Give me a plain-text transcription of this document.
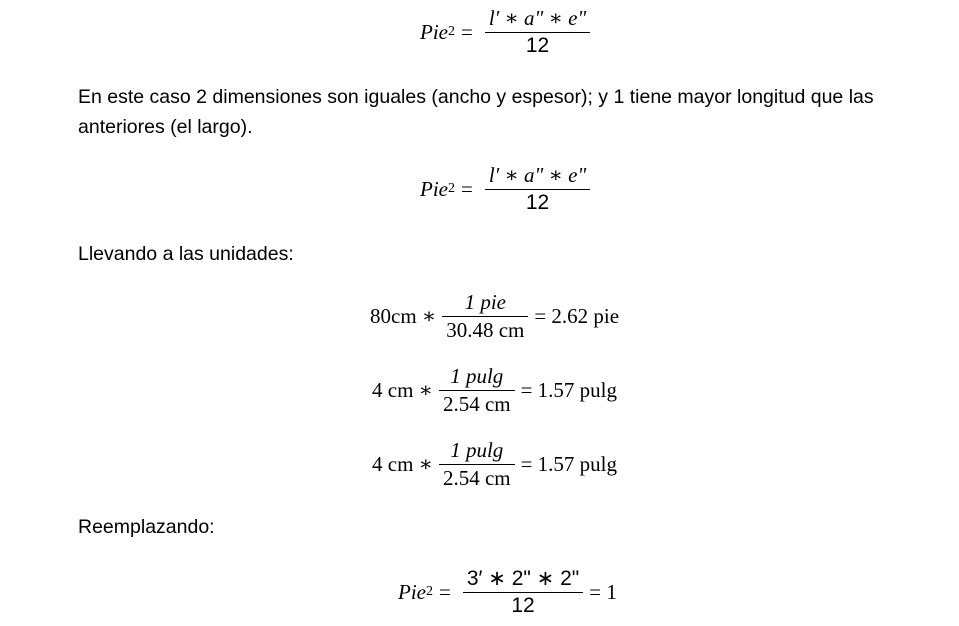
Pie $2 = \frac{l' ∗ a" ∗ e"}{12}$
En este caso 2 dimensiones son iguales (ancho y espesor); y 1 tiene mayor longitud que las anteriores (el largo).
Pie $2 = \frac{l' ∗ a" ∗ e"}{12}$
Llevando a las unidades:
80cm ∗ $\frac{\text{1 pie}}{30.48 cm} = 2.62$ pie
4 cm ∗ $\frac{1 pulg}{2.54 cm} = 1.57$ pulg
4 cm ∗ $\frac{1 pulg}{2.54 cm} = 1.57$ pulg
Reemplazando:
Pie $2 = \frac{3' ∗ 2" ∗ 2"}{12} = 1$
